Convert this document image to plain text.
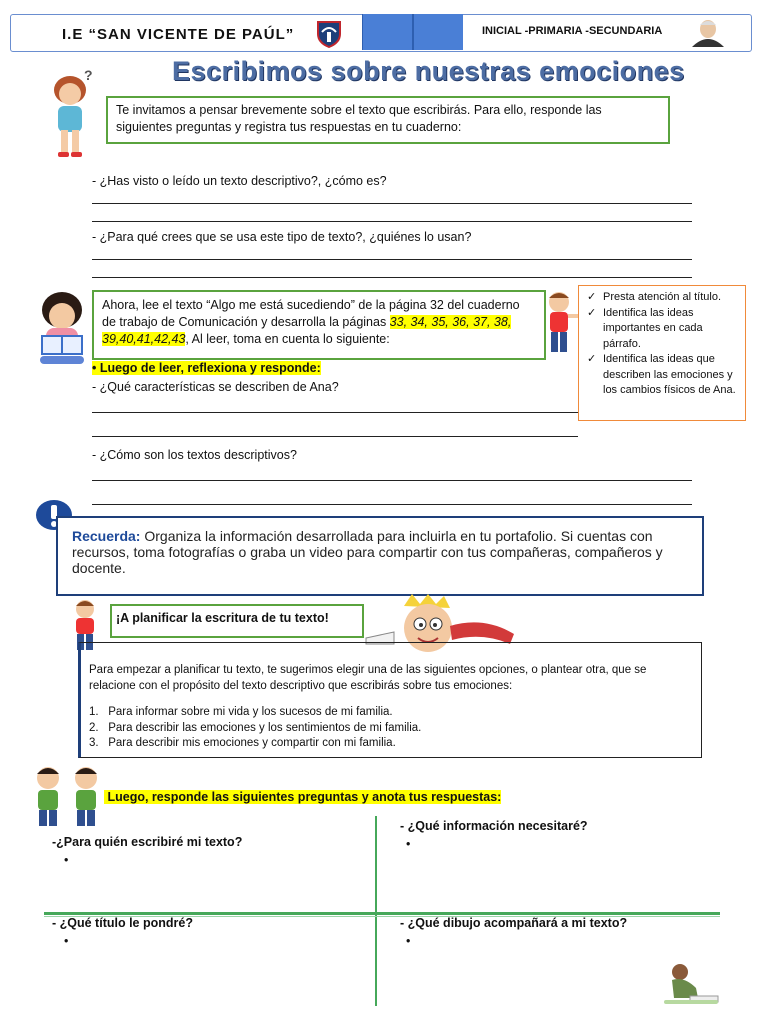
I.E “SAN VICENTE DE PAÚL”	INICIAL -PRIMARIA -SECUNDARIA
Escribimos sobre nuestras emociones
?
Te invitamos a pensar brevemente sobre el texto que escribirás. Para ello, responde las siguientes preguntas y registra tus respuestas en tu cuaderno:
- ¿Has visto o leído un texto descriptivo?, ¿cómo es?
- ¿Para qué crees que se usa este tipo de texto?, ¿quiénes lo usan?
Ahora, lee el texto “Algo me está sucediendo” de la página 32 del cuaderno de trabajo de Comunicación y desarrolla la páginas 33, 34, 35, 36, 37, 38, 39,40,41,42,43, Al leer, toma en cuenta lo siguiente:
✓ Presta atención al título.
✓ Identifica las ideas importantes en cada párrafo.
✓ Identifica las ideas que describen las emociones y los cambios físicos de Ana.
• Luego de leer, reflexiona y responde:
- ¿Qué características se describen de Ana?
- ¿Cómo son los textos descriptivos?
Recuerda: Organiza la información desarrollada para incluirla en tu portafolio. Si cuentas con recursos, toma fotografías o graba un video para compartir con tus compañeras, compañeros y docente.
¡A planificar la escritura de tu texto!
Para empezar a planificar tu texto, te sugerimos elegir una de las siguientes opciones, o plantear otra, que se relacione con el propósito del texto descriptivo que escribirás sobre tus emociones:
1.   Para informar sobre mi vida y los sucesos de mi familia.
2.   Para describir las emociones y los sentimientos de mi familia.
3.   Para describir mis emociones y compartir con mi familia.
Luego, responde las siguientes preguntas y anota tus respuestas:
-¿Para quién escribiré mi texto?
•
- ¿Qué información necesitaré?
•
- ¿Qué título le pondré?
•
- ¿Qué dibujo acompañará a mi texto?
•
